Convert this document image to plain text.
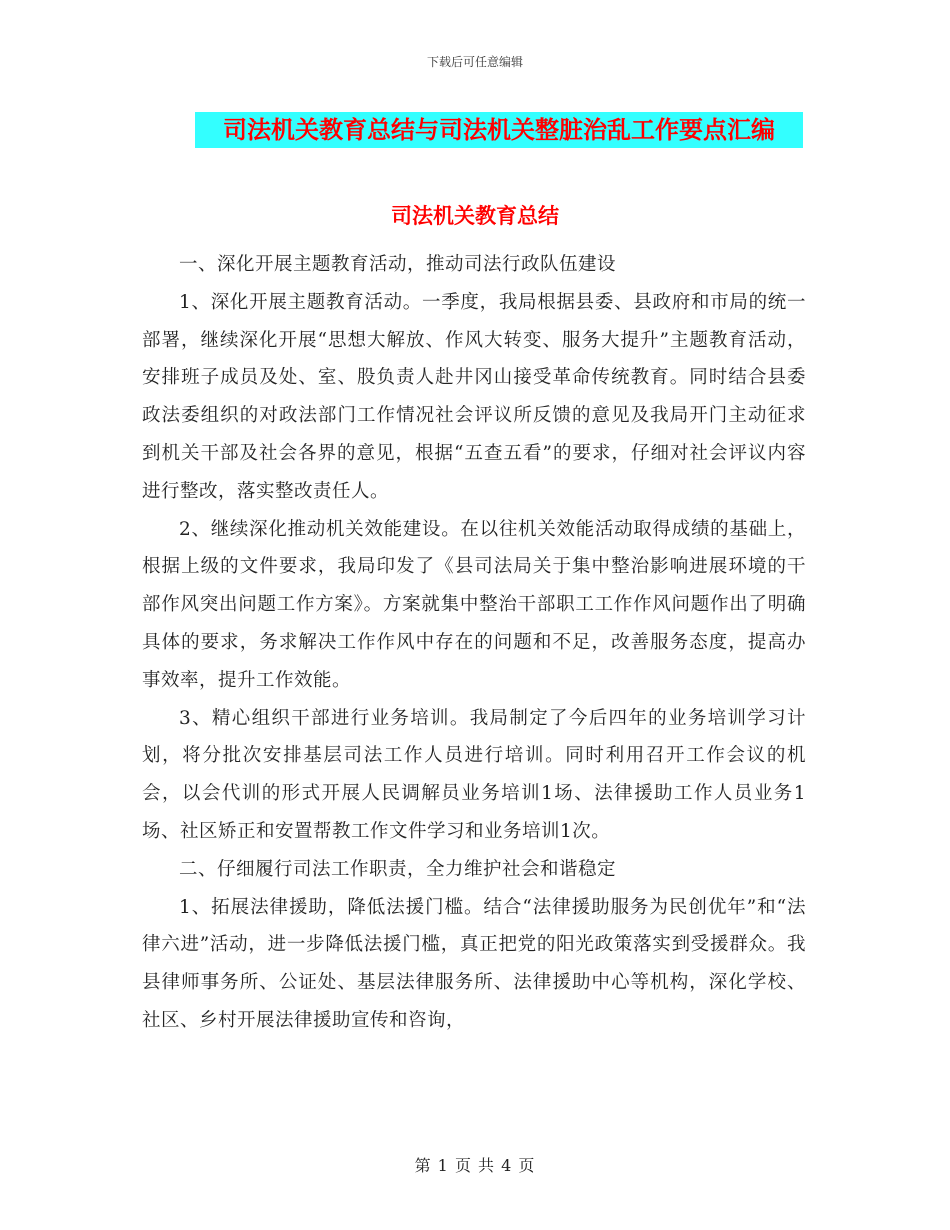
下载后可任意编辑
司法机关教育总结与司法机关整脏治乱工作要点汇编
司法机关教育总结

一、深化开展主题教育活动，推动司法行政队伍建设

1、深化开展主题教育活动。一季度，我局根据县委、县政府和市局的统一部署，继续深化开展“思想大解放、作风大转变、服务大提升”主题教育活动，安排班子成员及处、室、股负责人赴井冈山接受革命传统教育。同时结合县委政法委组织的对政法部门工作情况社会评议所反馈的意见及我局开门主动征求到机关干部及社会各界的意见，根据“五查五看”的要求，仔细对社会评议内容进行整改，落实整改责任人。

2、继续深化推动机关效能建设。在以往机关效能活动取得成绩的基础上，根据上级的文件要求，我局印发了《县司法局关于集中整治影响进展环境的干部作风突出问题工作方案》。方案就集中整治干部职工工作作风问题作出了明确具体的要求，务求解决工作作风中存在的问题和不足，改善服务态度，提高办事效率，提升工作效能。

3、精心组织干部进行业务培训。我局制定了今后四年的业务培训学习计划，将分批次安排基层司法工作人员进行培训。同时利用召开工作会议的机会，以会代训的形式开展人民调解员业务培训1场、法律援助工作人员业务1场、社区矫正和安置帮教工作文件学习和业务培训1次。

二、仔细履行司法工作职责，全力维护社会和谐稳定

1、拓展法律援助，降低法援门槛。结合“法律援助服务为民创优年”和“法律六进”活动，进一步降低法援门槛，真正把党的阳光政策落实到受援群众。我县律师事务所、公证处、基层法律服务所、法律援助中心等机构，深化学校、社区、乡村开展法律援助宣传和咨询，

第 1 页 共 4 页
